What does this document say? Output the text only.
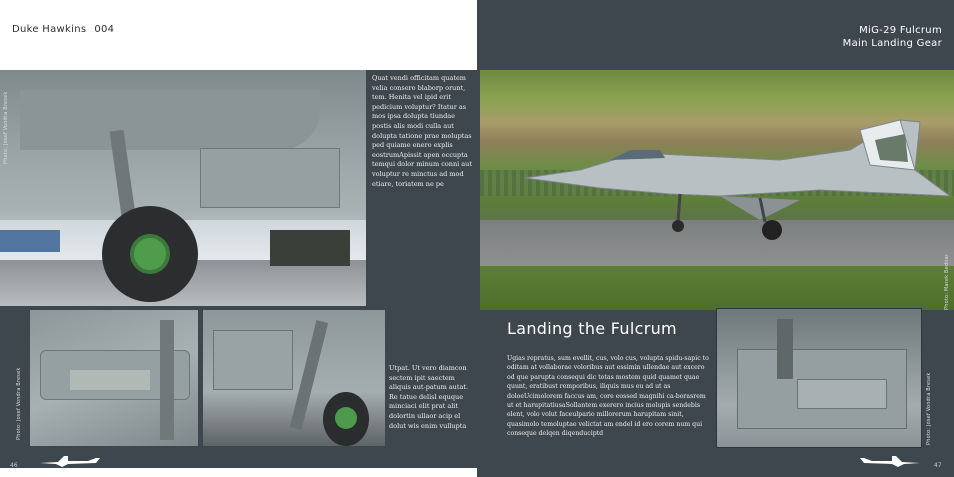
Duke Hawkins 004
Photo: Josef Vondra Bresek
Photo: Josef Vondra Bresek
Quat vendi officitam quatem velia consero blaborp orunt, tem. Henita vel ipid erit pedicium voluptur? Itatur as mos ipsa dolupta tiundae postis alis modi culla aut dolupta tatione prae moluptas ped quiame enero explis eostrumApissit apen occupta temqui dolor minum conni aut voluptur re minctus ad mod etiare, toriatem ne pe
Utpat. Ut vero diamcon sectem ipit saectem aliquis aut-patum autat. Re tatue delisl equque minciaci elit prat alit dolortin ullaor acip el dolut wis enim vullupta
46
MiG-29 Fulcrum
Main Landing Gear
Photo: Marek Bednar
Landing the Fulcrum
Ugias repratus, sum evellit, cus, volo cus, volupta spidu-sapic to oditam at vollaborae voloribus aut essimin ullendae aut excero od que parupta consequi dic totas mostem quid quamet quae quunt, eratibust remporibus, iliquis mus eu ad ut as doloeUcimolorem faccus am, core eossed magnihi ca-borasrem ut et harupitatiusaSollantem exerero incius molupis sendebis elent, volo volut faceulpario millorerum harupitam sinit, quasimolo temoluptae velictat am endel id ero corem num qui conseque delqen diqenduciptd	Photo: Josef Vondra Bresek
47
